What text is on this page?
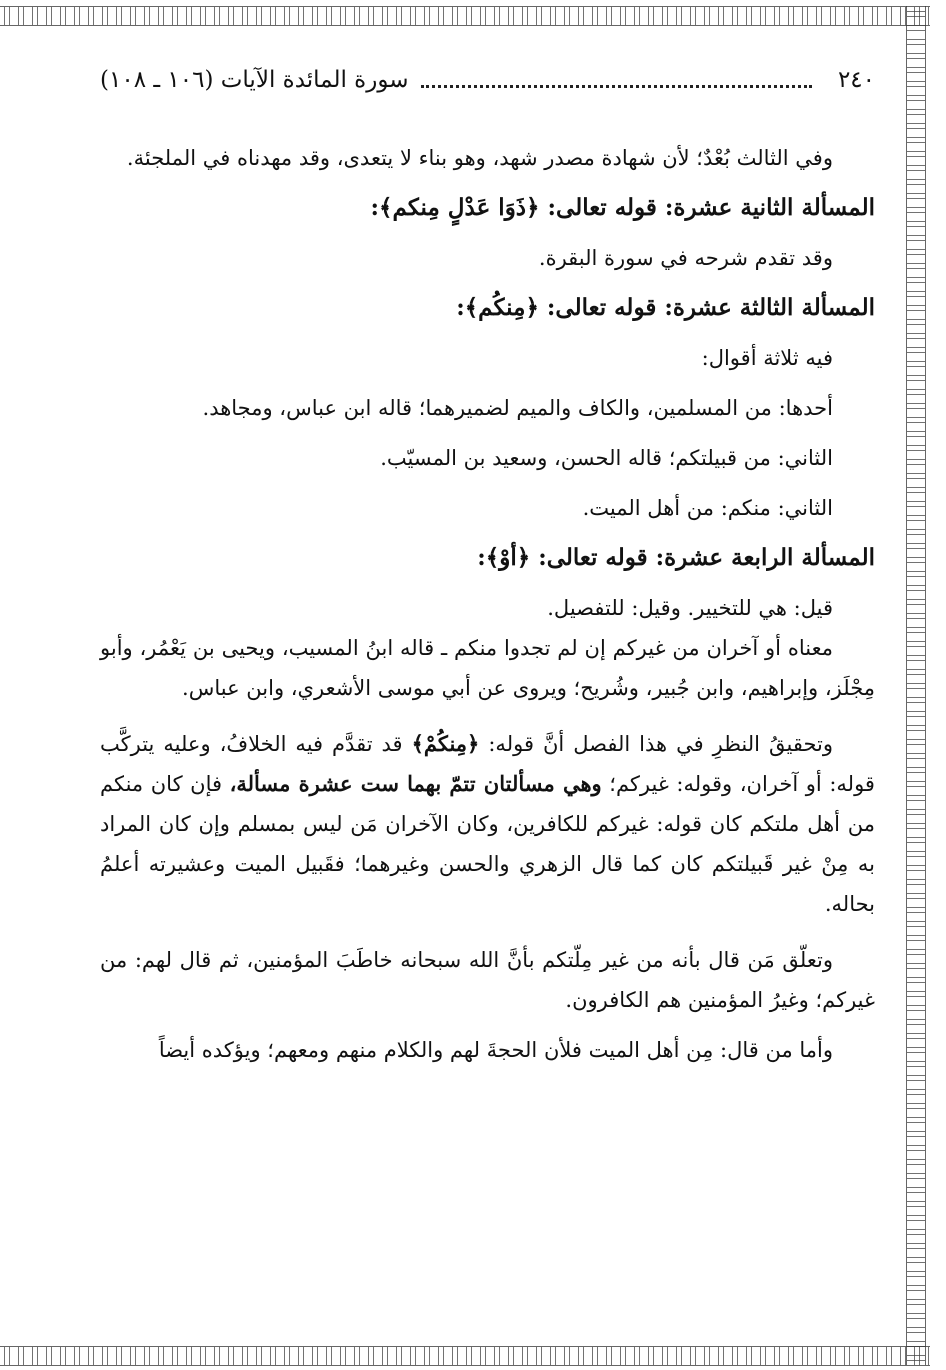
٢٤٠
سورة المائدة الآيات (١٠٦ ـ ١٠٨)

وفي الثالث بُعْدٌ؛ لأن شهادة مصدر شهد، وهو بناء لا يتعدى، وقد مهدناه في الملجئة.

المسألة الثانية عشرة: قوله تعالى: ﴿ذَوَا عَدْلٍ مِنكم﴾:

وقد تقدم شرحه في سورة البقرة.

المسألة الثالثة عشرة: قوله تعالى: ﴿مِنكُم﴾:

فيه ثلاثة أقوال:

أحدها: من المسلمين، والكاف والميم لضميرهما؛ قاله ابن عباس، ومجاهد.

الثاني: من قبيلتكم؛ قاله الحسن، وسعيد بن المسيّب.

الثاني: منكم: من أهل الميت.

المسألة الرابعة عشرة: قوله تعالى: ﴿أوْ﴾:

قيل: هي للتخيير. وقيل: للتفصيل.

معناه أو آخران من غيركم إن لم تجدوا منكم ـ قاله ابنُ المسيب، ويحيى بن يَعْمُر، وأبو مِجْلَز، وإبراهيم، وابن جُبير، وشُريح؛ ويروى عن أبي موسى الأشعري، وابن عباس.

وتحقيقُ النظرِ في هذا الفصل أنَّ قوله: ﴿مِنكُمْ﴾ قد تقدَّم فيه الخلافُ، وعليه يتركَّب قوله: أو آخران، وقوله: غيركم؛ وهي مسألتان تتمّ بهما ست عشرة مسألة، فإن كان منكم من أهل ملتكم كان قوله: غيركم للكافرين، وكان الآخران مَن ليس بمسلم وإن كان المراد به مِنْ غير قَبيلتكم كان كما قال الزهري والحسن وغيرهما؛ فقَبيل الميت وعشيرته أعلمُ بحاله.

وتعلّق مَن قال بأنه من غير مِلّتكم بأنَّ الله سبحانه خاطَبَ المؤمنين، ثم قال لهم: من غيركم؛ وغيرُ المؤمنين هم الكافرون.

وأما من قال: مِن أهل الميت فلأن الحجةَ لهم والكلام منهم ومعهم؛ ويؤكده أيضاً
